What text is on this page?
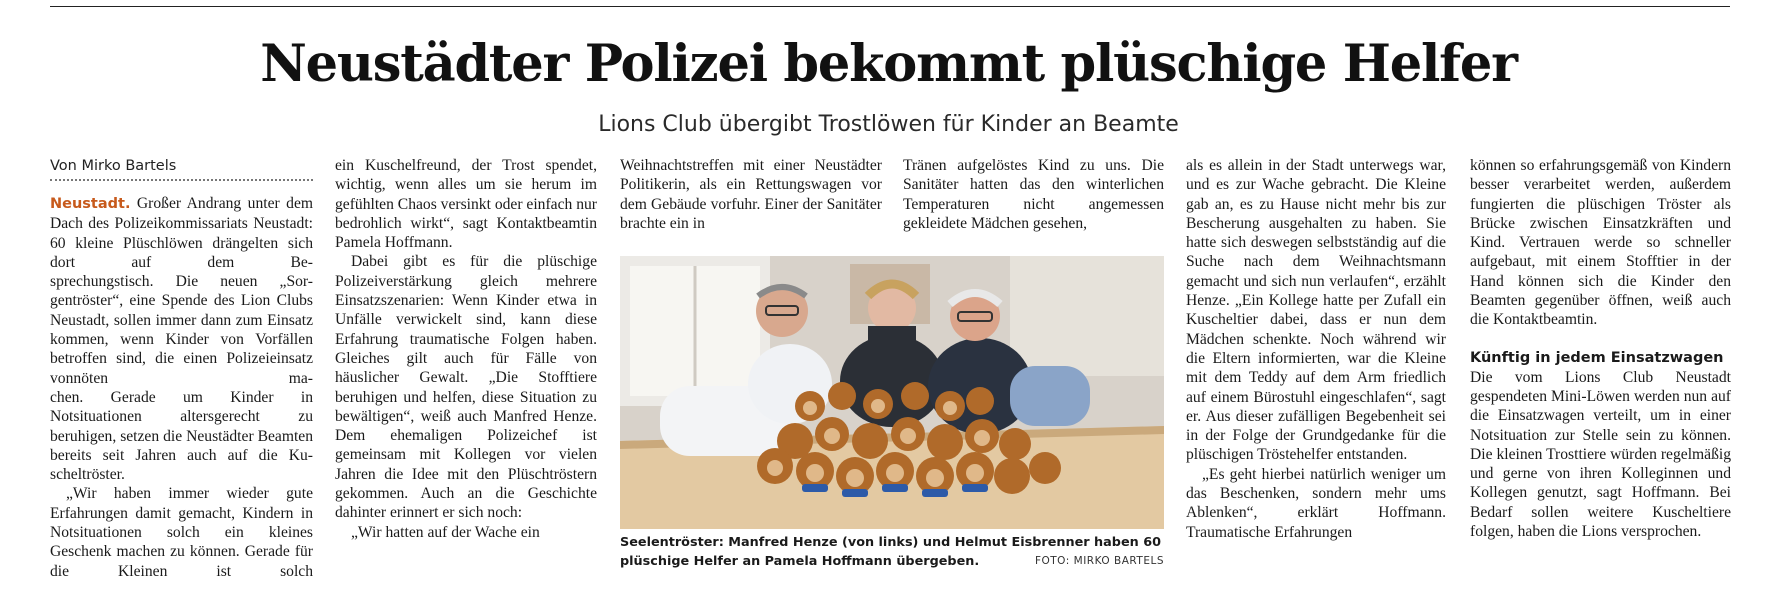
Neustädter Polizei bekommt plüschige Helfer
Lions Club übergibt Trostlöwen für Kinder an Beamte
Von Mirko Bartels

Neustadt. Großer Andrang unter dem Dach des Polizeikommissariats Neustadt: 60 kleine Plüschlöwen drängelten sich dort auf dem Be-

sprechungstisch. Die neuen „Sor-

gentröster“, eine Spende des Lion Clubs Neustadt, sollen immer dann zum Einsatz kommen, wenn Kinder von Vorfällen betroffen sind, die einen Polizeieinsatz vonnöten ma-

chen. Gerade um Kinder in Notsituationen altersgerecht zu beruhigen, setzen die Neustädter Beamten bereits seit Jahren auch auf die Ku-

scheltröster.

„Wir haben immer wieder gute Erfahrungen damit gemacht, Kindern in Notsituationen solch ein kleines Geschenk machen zu können. Gerade für die Kleinen ist solch

ein Kuschelfreund, der Trost spendet, wichtig, wenn alles um sie herum im gefühlten Chaos versinkt oder einfach nur bedrohlich wirkt“, sagt Kontaktbeamtin Pamela Hoffmann.

Dabei gibt es für die plüschige Polizeiverstärkung gleich mehrere Einsatzszenarien: Wenn Kinder etwa in Unfälle verwickelt sind, kann diese Erfahrung traumatische Folgen haben. Gleiches gilt auch für Fälle von häuslicher Gewalt. „Die Stofftiere beruhigen und helfen, diese Situation zu bewältigen“, weiß auch Manfred Henze. Dem ehemaligen Polizeichef ist gemeinsam mit Kollegen vor vielen Jahren die Idee mit den Plüschtröstern gekommen. Auch an die Geschichte dahinter erinnert er sich noch:

„Wir hatten auf der Wache ein

Weihnachtstreffen mit einer Neustädter Politikerin, als ein Rettungswagen vor dem Gebäude vorfuhr. Einer der Sanitäter brachte ein in

Tränen aufgelöstes Kind zu uns. Die Sanitäter hatten das den winterlichen Temperaturen nicht angemessen gekleidete Mädchen gesehen,

Seelentröster: Manfred Henze (von links) und Helmut Eisbrenner haben 60 plüschige Helfer an Pamela Hoffmann übergeben.	FOTO: MIRKO BARTELS

als es allein in der Stadt unterwegs war, und es zur Wache gebracht. Die Kleine gab an, es zu Hause nicht mehr bis zur Bescherung ausgehalten zu haben. Sie hatte sich deswegen selbstständig auf die Suche nach dem Weihnachtsmann gemacht und sich nun verlaufen“, erzählt Henze. „Ein Kollege hatte per Zufall ein Kuscheltier dabei, dass er nun dem Mädchen schenkte. Noch während wir die Eltern informierten, war die Kleine mit dem Teddy auf dem Arm friedlich auf einem Bürostuhl eingeschlafen“, sagt er. Aus dieser zufälligen Begebenheit sei in der Folge der Grundgedanke für die plüschigen Tröstehelfer entstanden.

„Es geht hierbei natürlich weniger um das Beschenken, sondern mehr ums Ablenken“, erklärt Hoffmann. Traumatische Erfahrungen

können so erfahrungsgemäß von Kindern besser verarbeitet werden, außerdem fungierten die plüschigen Tröster als Brücke zwischen Einsatzkräften und Kind. Vertrauen werde so schneller aufgebaut, mit einem Stofftier in der Hand können sich die Kinder den Beamten gegenüber öffnen, weiß auch die Kontaktbeamtin.

Künftig in jedem Einsatzwagen

Die vom Lions Club Neustadt gespendeten Mini-Löwen werden nun auf die Einsatzwagen verteilt, um in einer Notsituation zur Stelle sein zu können. Die kleinen Trosttiere würden regelmäßig und gerne von ihren Kolleginnen und Kollegen genutzt, sagt Hoffmann. Bei Bedarf sollen weitere Kuscheltiere folgen, haben die Lions versprochen.
